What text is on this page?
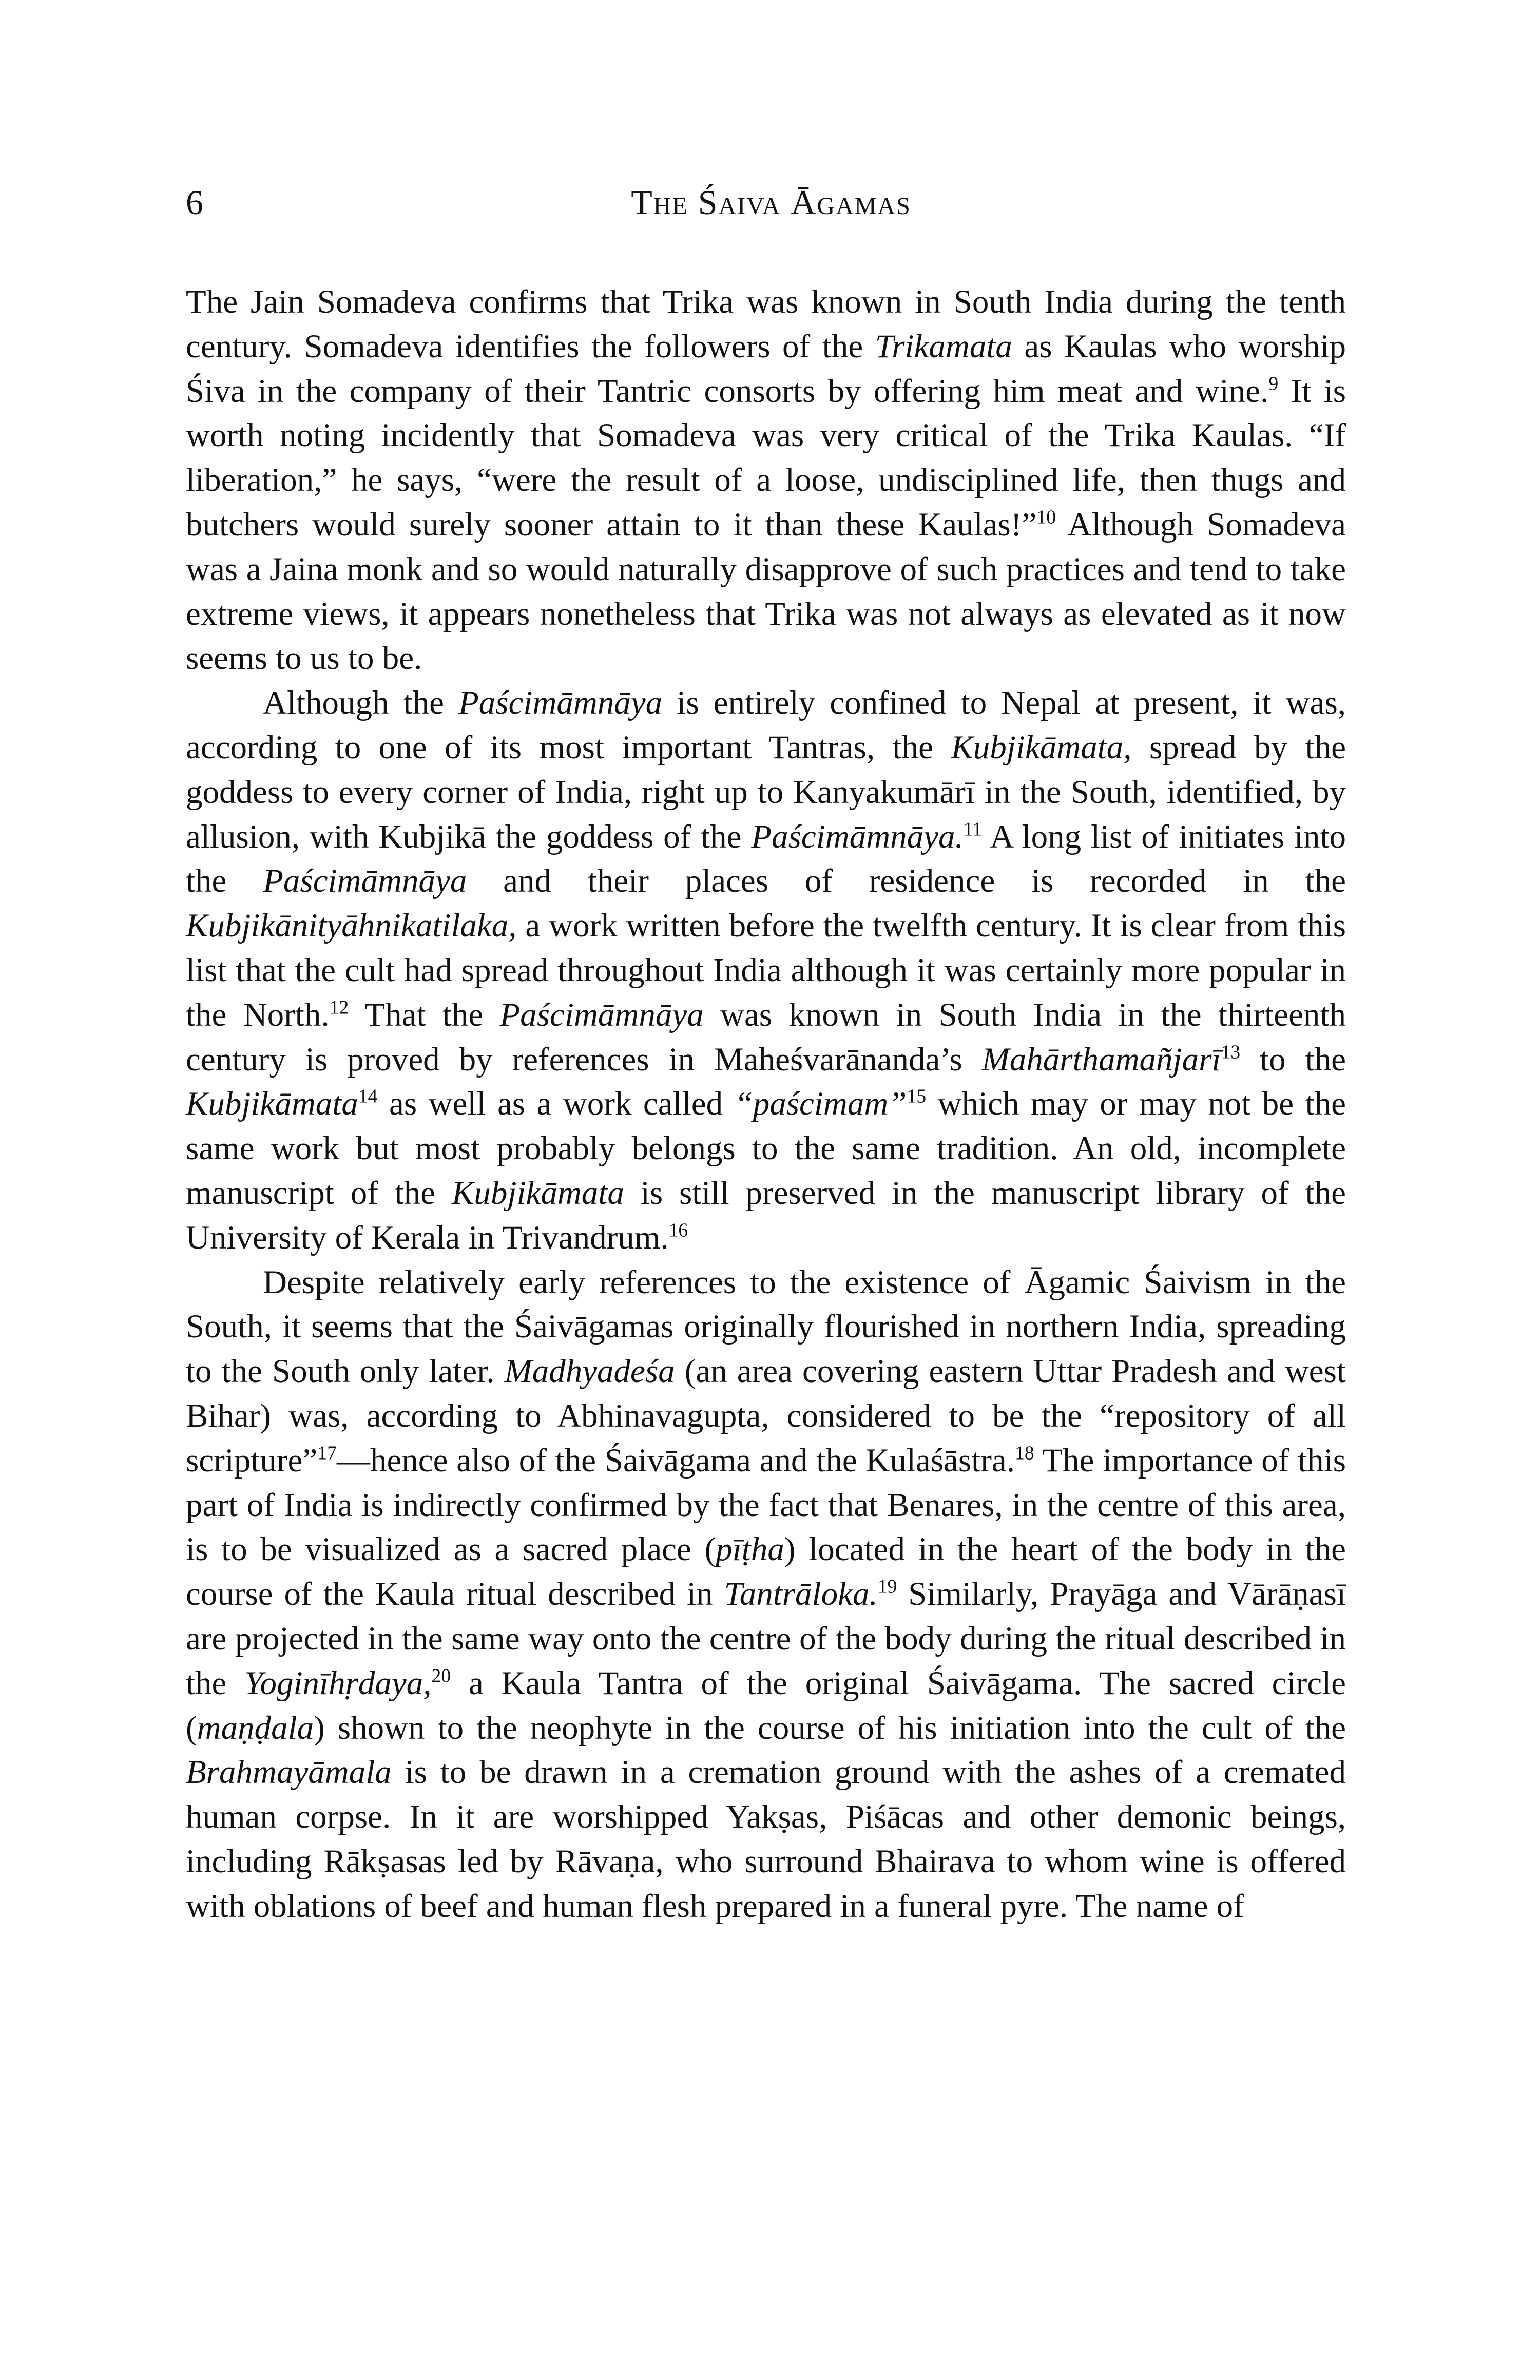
6	The Śaiva Āgamas

The Jain Somadeva confirms that Trika was known in South India during the tenth century. Somadeva identifies the followers of the Trikamata as Kaulas who worship Śiva in the company of their Tantric consorts by offering him meat and wine.$^9$ It is worth noting incidently that Somadeva was very critical of the Trika Kaulas. “If liberation,” he says, “were the result of a loose, undisciplined life, then thugs and butchers would surely sooner attain to it than these Kaulas!”$^{10}$ Although Somadeva was a Jaina monk and so would naturally disapprove of such practices and tend to take extreme views, it appears nonetheless that Trika was not always as elevated as it now seems to us to be.

Although the Paścimāmnāya is entirely confined to Nepal at present, it was, according to one of its most important Tantras, the Kubjikāmata, spread by the goddess to every corner of India, right up to Kanyakumārī in the South, identified, by allusion, with Kubjikā the goddess of the Paścimāmnāya.$^{11}$ A long list of initiates into the Paścimāmnāya and their places of residence is recorded in the Kubjikānityāhnikatilaka, a work written before the twelfth century. It is clear from this list that the cult had spread throughout India although it was certainly more popular in the North.$^{12}$ That the Paścimāmnāya was known in South India in the thirteenth century is proved by references in Maheśvarānanda’s Mahārthamañjarī$^{13}$ to the Kubjikāmata$^{14}$ as well as a work called “paścimam”$^{15}$ which may or may not be the same work but most probably belongs to the same tradition. An old, incomplete manuscript of the Kubjikāmata is still preserved in the manuscript library of the University of Kerala in Trivandrum.$^{16}$

Despite relatively early references to the existence of Āgamic Śaivism in the South, it seems that the Śaivāgamas originally flourished in northern India, spreading to the South only later. Madhyadeśa (an area covering eastern Uttar Pradesh and west Bihar) was, according to Abhinavagupta, considered to be the “repository of all scripture”$^{17}$—hence also of the Śaivāgama and the Kulaśāstra.$^{18}$ The importance of this part of India is indirectly confirmed by the fact that Benares, in the centre of this area, is to be visualized as a sacred place (pīṭha) located in the heart of the body in the course of the Kaula ritual described in Tantrāloka.$^{19}$ Similarly, Prayāga and Vārāṇasī are projected in the same way onto the centre of the body during the ritual described in the Yoginīhṛdaya,$^{20}$ a Kaula Tantra of the original Śaivāgama. The sacred circle (maṇḍala) shown to the neophyte in the course of his initiation into the cult of the Brahmayāmala is to be drawn in a cremation ground with the ashes of a cremated human corpse. In it are worshipped Yakṣas, Piśācas and other demonic beings, including Rākṣasas led by Rāvaṇa, who surround Bhairava to whom wine is offered with oblations of beef and human flesh prepared in a funeral pyre. The name of
